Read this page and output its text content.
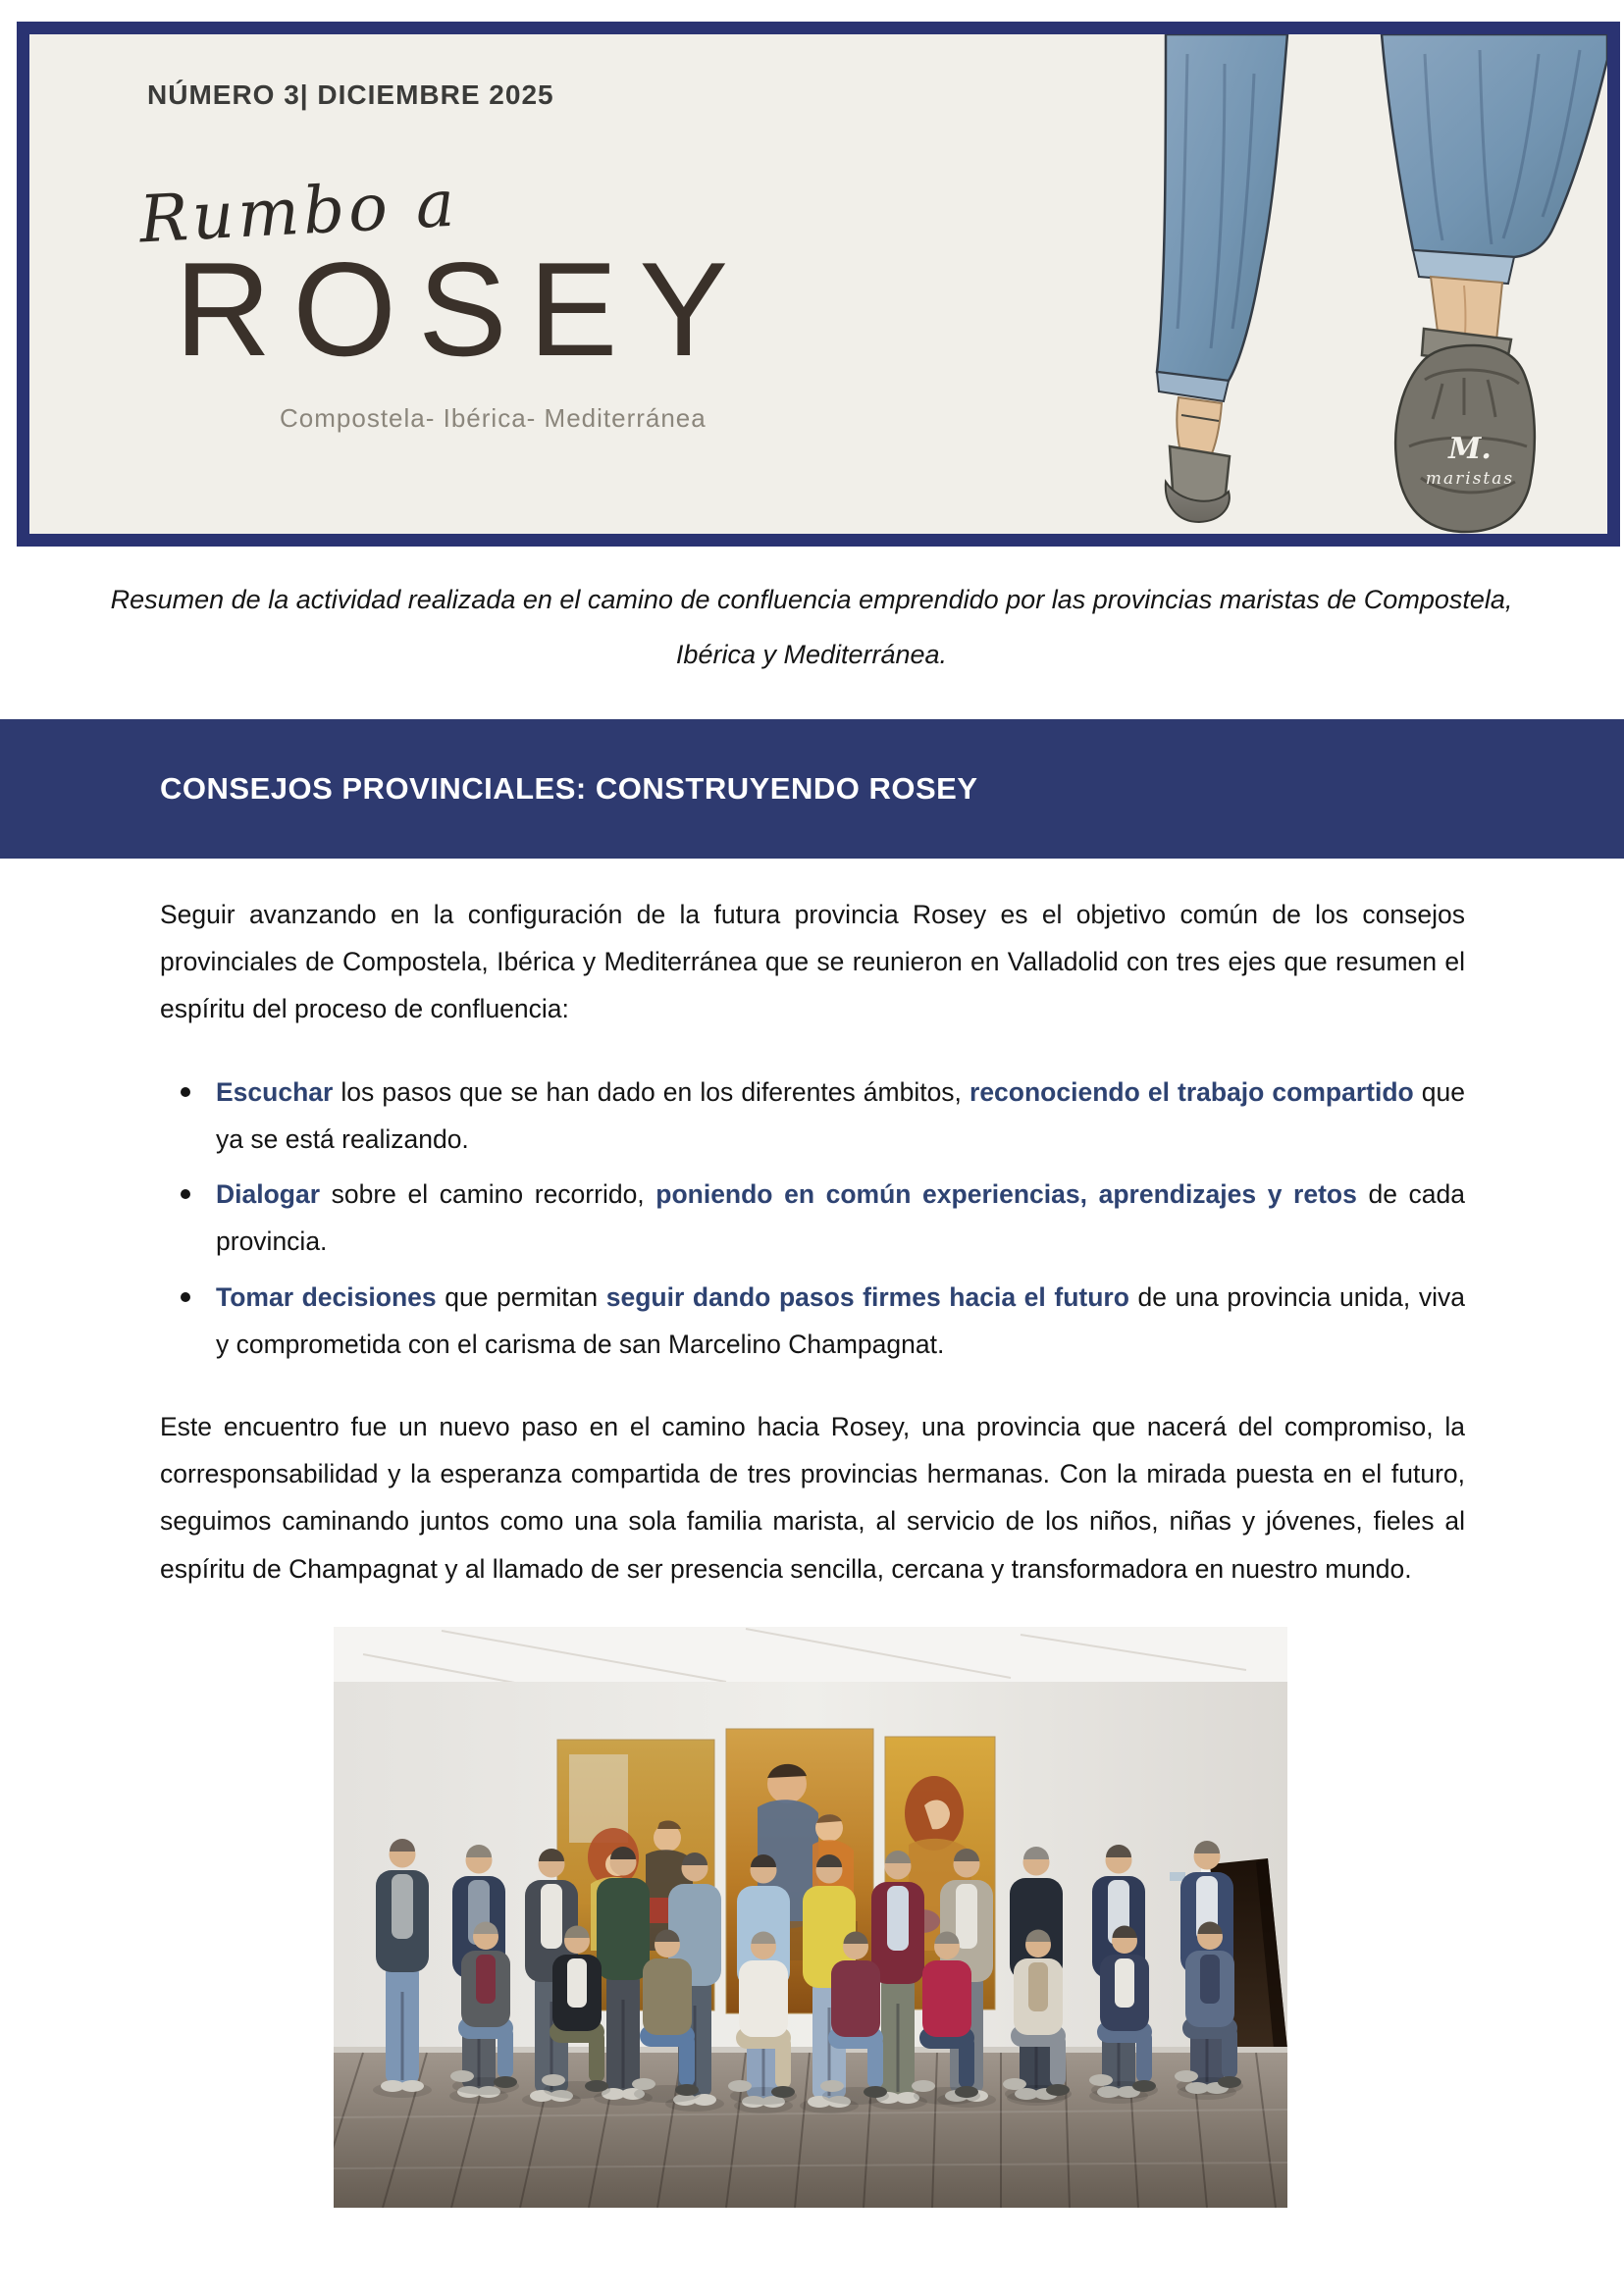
NÚMERO 3| DICIEMBRE 2025
Rumbo a
ROSEY
Compostela- Ibérica- Mediterránea
M.
maristas
Resumen de la actividad realizada en el camino de confluencia emprendido por las provincias maristas de Compostela, Ibérica y Mediterránea.
CONSEJOS PROVINCIALES: CONSTRUYENDO ROSEY

Seguir avanzando en la configuración de la futura provincia Rosey es el objetivo común de los consejos provinciales de Compostela, Ibérica y Mediterránea que se reunieron en Valladolid con tres ejes que resumen el espíritu del proceso de confluencia:

Escuchar los pasos que se han dado en los diferentes ámbitos, reconociendo el trabajo compartido que ya se está realizando.
Dialogar sobre el camino recorrido, poniendo en común experiencias, aprendizajes y retos de cada provincia.
Tomar decisiones que permitan seguir dando pasos firmes hacia el futuro de una provincia unida, viva y comprometida con el carisma de san Marcelino Champagnat.

Este encuentro fue un nuevo paso en el camino hacia Rosey, una provincia que nacerá del compromiso, la corresponsabilidad y la esperanza compartida de tres provincias hermanas. Con la mirada puesta en el futuro, seguimos caminando juntos como una sola familia marista, al servicio de los niños, niñas y jóvenes, fieles al espíritu de Champagnat y al llamado de ser presencia sencilla, cercana y transformadora en nuestro mundo.
